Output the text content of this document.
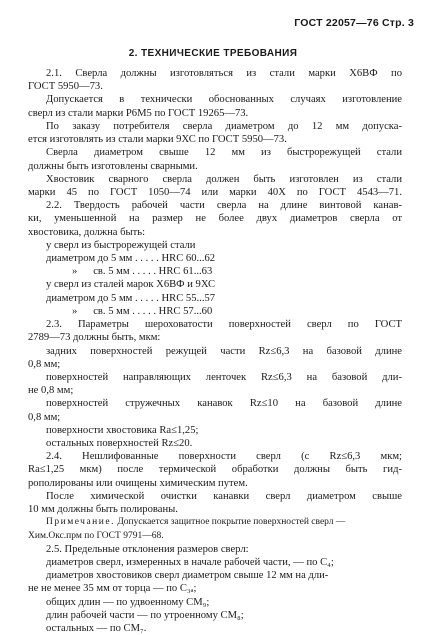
ГОСТ 22057—76 Стр. 3
2. ТЕХНИЧЕСКИЕ ТРЕБОВАНИЯ
2.1. Сверла должны изготовляться из стали марки Х6ВФ по
ГОСТ 5950—73.
Допускается в технически обоснованных случаях изготовление
сверл из стали марки Р6М5 по ГОСТ 19265—73.
По заказу потребителя сверла диаметром до 12 мм допуска-
ется изготовлять из стали марки 9ХС по ГОСТ 5950—73.
Сверла диаметром свыше 12 мм из быстрорежущей стали
должны быть изготовлены сварными.
Хвостовик сварного сверла должен быть изготовлен из стали
марки 45 по ГОСТ 1050—74 или марки 40Х по ГОСТ 4543—71.
2.2. Твердость рабочей части сверла на длине винтовой канав-
ки, уменьшенной на размер не более двух диаметров сверла от
хвостовика, должна быть:
у сверл из быстрорежущей стали
диаметром до 5 мм . . . . . HRC 60...62
»      св. 5 мм . . . . . HRC 61...63
у сверл из сталей марок Х6ВФ и 9ХС
диаметром до 5 мм . . . . . HRC 55...57
»      св. 5 мм . . . . . HRC 57...60
2.3. Параметры шероховатости поверхностей сверл по ГОСТ
2789—73 должны быть, мкм:
задних поверхностей режущей части Rz≤6,3 на базовой длине
0,8 мм;
поверхностей направляющих ленточек Rz≤6,3 на базовой дли-
не 0,8 мм;
поверхностей стружечных канавок Rz≤10 на базовой длине
0,8 мм;
поверхности хвостовика Ra≤1,25;
остальных поверхностей Rz≤20.
2.4. Нешлифованные поверхности сверл (с Rz≤6,3 мкм;
Ra≤1,25 мкм) после термической обработки должны быть гид-
рополированы или очищены химическим путем.
После химической очистки канавки сверл диаметром свыше
10 мм должны быть полированы.
Примечание. Допускается защитное покрытие поверхностей сверл —
Хим.Окс.прм по ГОСТ 9791—68.
2.5. Предельные отклонения размеров сверл:
диаметров сверл, измеренных в начале рабочей части, — по C₄;
диаметров хвостовиков сверл диаметром свыше 12 мм на дли-
не не менее 35 мм от торца — по C₃ₐ;
общих длин — по удвоенному CM₉;
длин рабочей части — по утроенному CM₈;
остальных — по CM₇.
